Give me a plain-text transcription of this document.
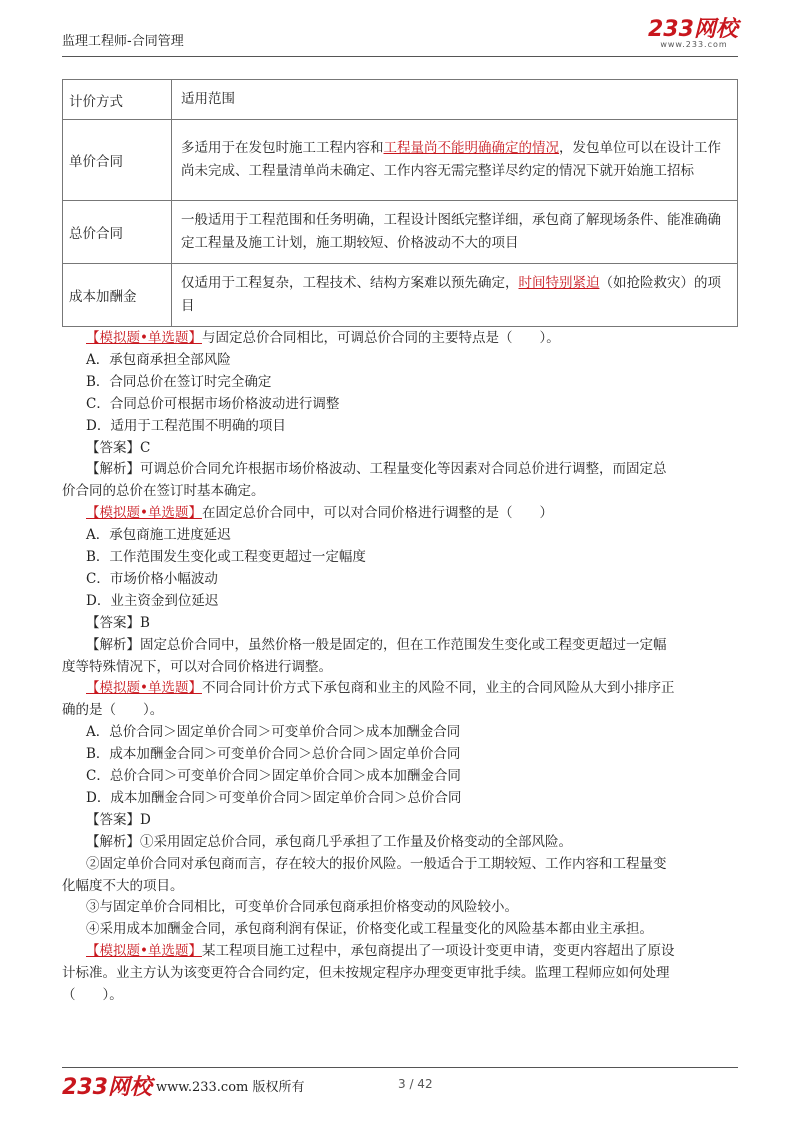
监理工程师-合同管理	233网校
www.233.com
计价方式	适用范围
单价合同	多适用于在发包时施工工程内容和工程量尚不能明确确定的情况，发包单位可以在设计工作尚未完成、工程量清单尚未确定、工作内容无需完整详尽约定的情况下就开始施工招标
总价合同	一般适用于工程范围和任务明确，工程设计图纸完整详细，承包商了解现场条件、能准确确定工程量及施工计划，施工期较短、价格波动不大的项目
成本加酬金	仅适用于工程复杂，工程技术、结构方案难以预先确定，时间特别紧迫（如抢险救灾）的项目
【模拟题•单选题】与固定总价合同相比，可调总价合同的主要特点是（　　）。
A．承包商承担全部风险
B．合同总价在签订时完全确定
C．合同总价可根据市场价格波动进行调整
D．适用于工程范围不明确的项目
【答案】C
【解析】可调总价合同允许根据市场价格波动、工程量变化等因素对合同总价进行调整，而固定总
价合同的总价在签订时基本确定。
【模拟题•单选题】在固定总价合同中，可以对合同价格进行调整的是（　　）
A．承包商施工进度延迟
B．工作范围发生变化或工程变更超过一定幅度
C．市场价格小幅波动
D．业主资金到位延迟
【答案】B
【解析】固定总价合同中，虽然价格一般是固定的，但在工作范围发生变化或工程变更超过一定幅
度等特殊情况下，可以对合同价格进行调整。
【模拟题•单选题】不同合同计价方式下承包商和业主的风险不同，业主的合同风险从大到小排序正
确的是（　　）。
A．总价合同＞固定单价合同＞可变单价合同＞成本加酬金合同
B．成本加酬金合同＞可变单价合同＞总价合同＞固定单价合同
C．总价合同＞可变单价合同＞固定单价合同＞成本加酬金合同
D．成本加酬金合同＞可变单价合同＞固定单价合同＞总价合同
【答案】D
【解析】①采用固定总价合同，承包商几乎承担了工作量及价格变动的全部风险。
②固定单价合同对承包商而言，存在较大的报价风险。一般适合于工期较短、工作内容和工程量变
化幅度不大的项目。
③与固定单价合同相比，可变单价合同承包商承担价格变动的风险较小。
④采用成本加酬金合同，承包商利润有保证，价格变化或工程量变化的风险基本都由业主承担。
【模拟题•单选题】某工程项目施工过程中，承包商提出了一项设计变更申请，变更内容超出了原设
计标准。业主方认为该变更符合合同约定，但未按规定程序办理变更审批手续。监理工程师应如何处理
（　　）。
233网校 www.233.com 版权所有	3 / 42
